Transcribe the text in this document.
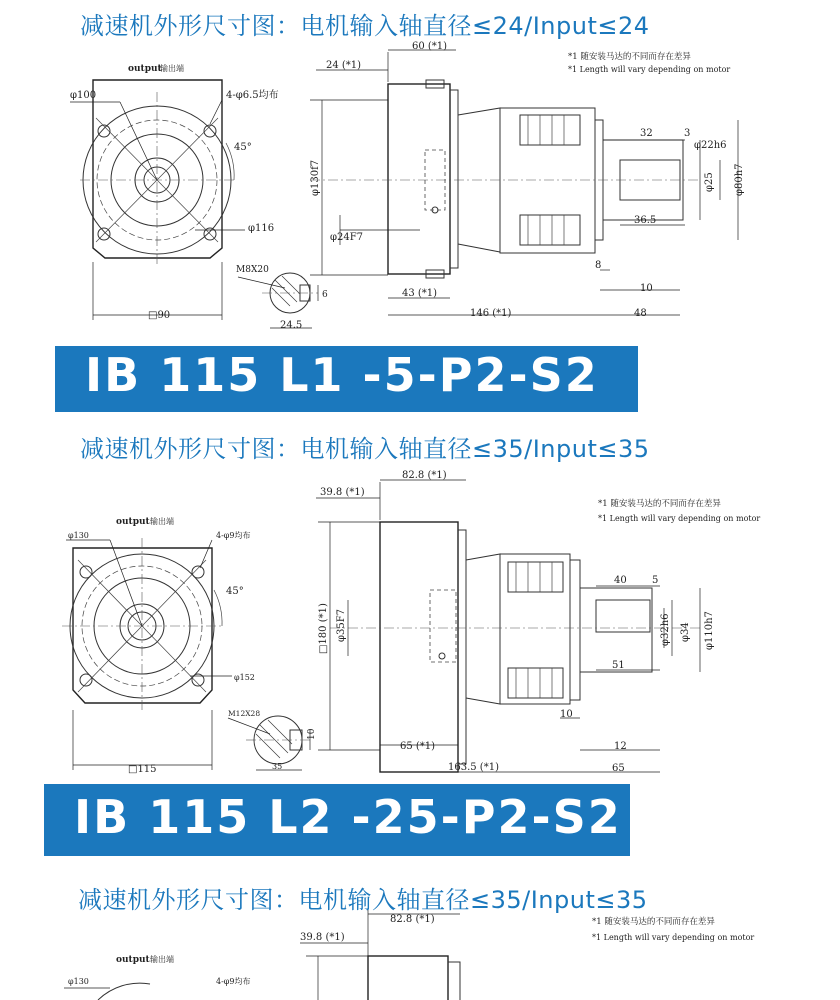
减速机外形尺寸图：电机输入轴直径≤24/Input≤24
*1 随安装马达的不同而存在差异
*1 Length will vary depending on motor
output
输出端
φ100	4-φ6.5均布
45°
φ116
□90
M8X20
6
24.5
60 (*1)
24 (*1)
φ130f7
φ24F7
43 (*1)
146 (*1)	48
10
8
32	3
φ22h6
φ25 φ80h7
36.5
IB 115 L1 -5-P2-S2
减速机外形尺寸图：电机输入轴直径≤35/Input≤35
*1 随安装马达的不同而存在差异
*1 Length will vary depending on motor
output 输出端
φ130	4-φ9均布
45°
φ152
□115
M12X28
10
35
82.8 (*1)
39.8 (*1)
□180 (*1) φ35F7
65 (*1)
163.5 (*1)	65
12
10
40	5
φ32h6 φ34 φ110h7
51
IB 115 L2 -25-P2-S2
减速机外形尺寸图：电机输入轴直径≤35/Input≤35
*1 随安装马达的不同而存在差异
*1 Length will vary depending on motor
output 输出端
φ130	4-φ9均布
82.8 (*1)
39.8 (*1)
